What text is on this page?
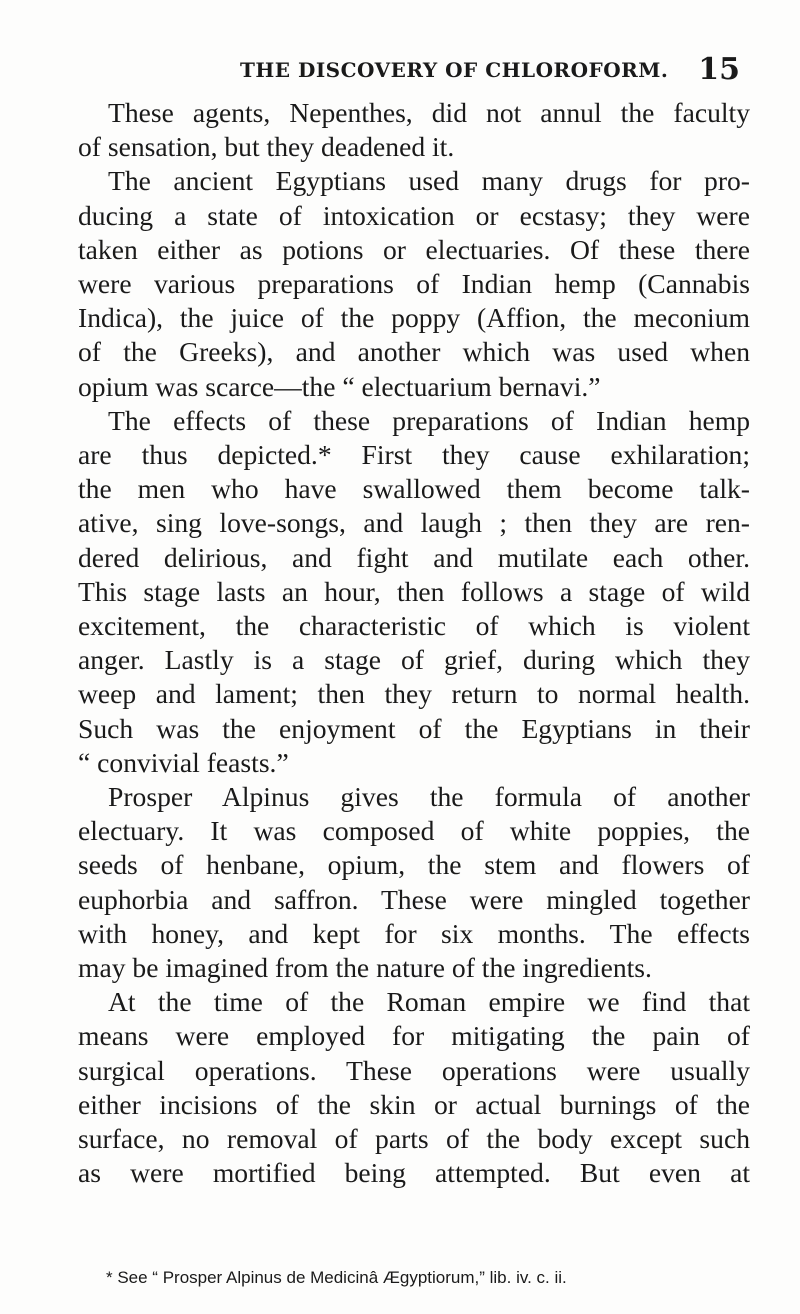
THE DISCOVERY OF CHLOROFORM. 15
These agents, Nepenthes, did not annul the faculty
of sensation, but they deadened it.
The ancient Egyptians used many drugs for pro-
ducing a state of intoxication or ecstasy; they were
taken either as potions or electuaries. Of these there
were various preparations of Indian hemp (Cannabis
Indica), the juice of the poppy (Affion, the meconium
of the Greeks), and another which was used when
opium was scarce—the “ electuarium bernavi.”
The effects of these preparations of Indian hemp
are thus depicted.* First they cause exhilaration;
the men who have swallowed them become talk-
ative, sing love-songs, and laugh ; then they are ren-
dered delirious, and fight and mutilate each other.
This stage lasts an hour, then follows a stage of wild
excitement, the characteristic of which is violent
anger. Lastly is a stage of grief, during which they
weep and lament; then they return to normal health.
Such was the enjoyment of the Egyptians in their
“ convivial feasts.”
Prosper Alpinus gives the formula of another
electuary. It was composed of white poppies, the
seeds of henbane, opium, the stem and flowers of
euphorbia and saffron. These were mingled together
with honey, and kept for six months. The effects
may be imagined from the nature of the ingredients.
At the time of the Roman empire we find that
means were employed for mitigating the pain of
surgical operations. These operations were usually
either incisions of the skin or actual burnings of the
surface, no removal of parts of the body except such
as were mortified being attempted. But even at
* See “ Prosper Alpinus de Medicinâ Ægyptiorum,” lib. iv. c. ii.
